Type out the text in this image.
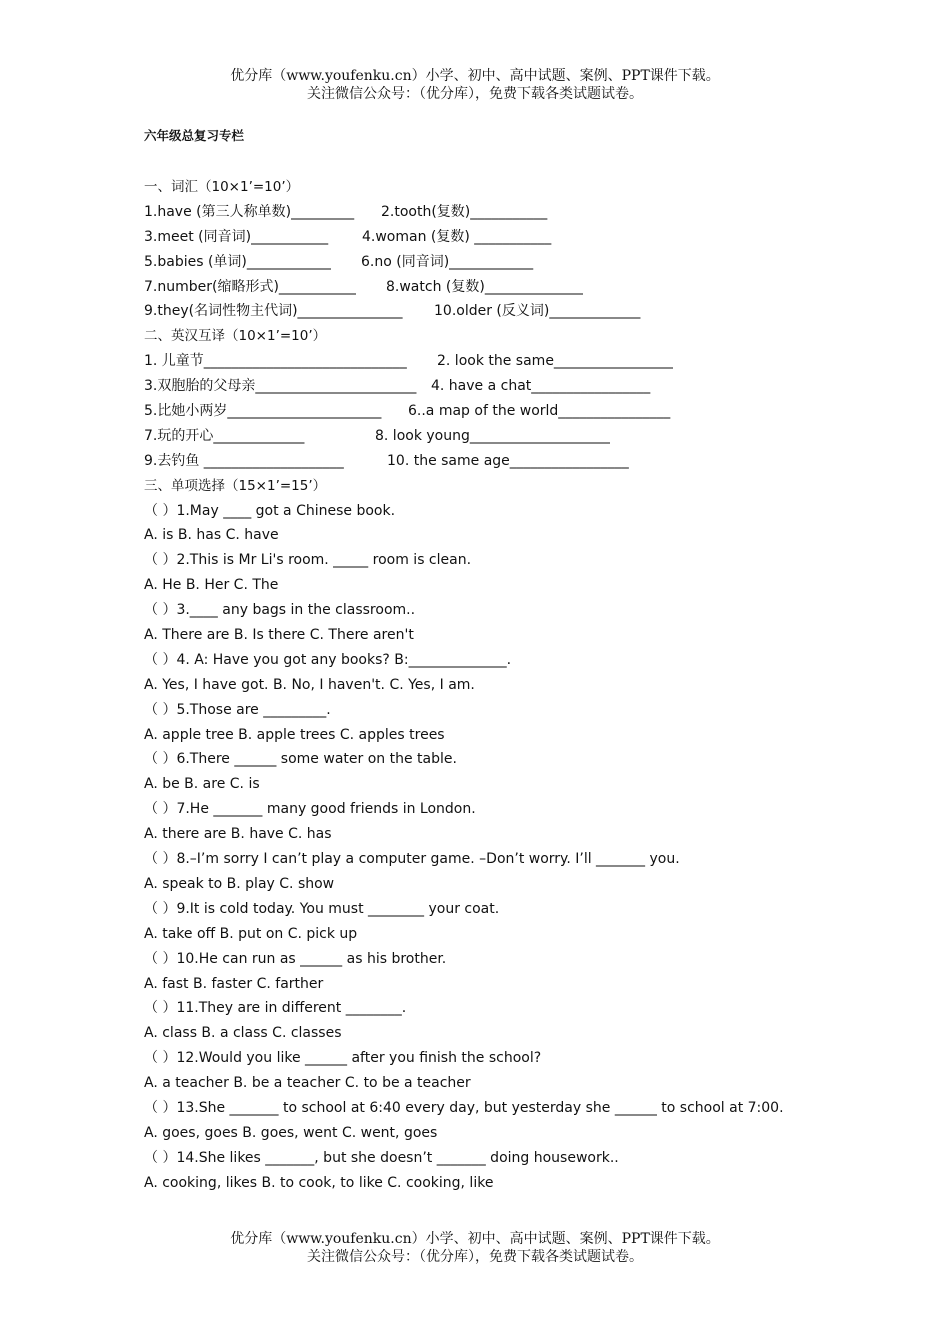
优分库（www.youfenku.cn）小学、初中、高中试题、案例、PPT课件下载。
关注微信公众号：（优分库），免费下载各类试题试卷。
六年级总复习专栏
一、词汇（10×1’=10’）
1.have (第三人称单数)_________ 2.tooth(复数)___________
3.meet (同音词)___________ 4.woman (复数) ___________
5.babies (单词)____________ 6.no (同音词)____________
7.number(缩略形式)___________ 8.watch (复数)______________
9.they(名词性物主代词)_______________ 10.older (反义词)_____________
二、英汉互译（10×1’=10’）
1. 儿童节_____________________________ 2. look the same_________________
3.双胞胎的父母亲_______________________ 4. have a chat_________________
5.比她小两岁______________________ 6..a map of the world________________
7.玩的开心_____________	8. look young____________________
9.去钓鱼 ____________________	10. the same age_________________
三、单项选择（15×1’=15’）
（ ）1.May ____ got a Chinese book.
A. is B. has C. have
（ ）2.This is Mr Li's room. _____ room is clean.
A. He B. Her C. The
（ ）3.____ any bags in the classroom..
A. There are B. Is there C. There aren't
（ ）4. A: Have you got any books? B:______________.
A. Yes, I have got. B. No, I haven't. C. Yes, I am.
（ ）5.Those are _________.
A. apple tree B. apple trees C. apples trees
（ ）6.There ______ some water on the table.
A. be B. are C. is
（ ）7.He _______ many good friends in London.
A. there are B. have C. has
（ ）8.–I’m sorry I can’t play a computer game. –Don’t worry. I’ll _______ you.
A. speak to B. play C. show
（ ）9.It is cold today. You must ________ your coat.
A. take off B. put on C. pick up
（ ）10.He can run as ______ as his brother.
A. fast B. faster C. farther
（ ）11.They are in different ________.
A. class B. a class C. classes
（ ）12.Would you like ______ after you finish the school?
A. a teacher B. be a teacher C. to be a teacher
（ ）13.She _______ to school at 6:40 every day, but yesterday she ______ to school at 7:00.
A. goes, goes B. goes, went C. went, goes
（ ）14.She likes _______, but she doesn’t _______ doing housework..
A. cooking, likes B. to cook, to like C. cooking, like
优分库（www.youfenku.cn）小学、初中、高中试题、案例、PPT课件下载。
关注微信公众号：（优分库），免费下载各类试题试卷。
